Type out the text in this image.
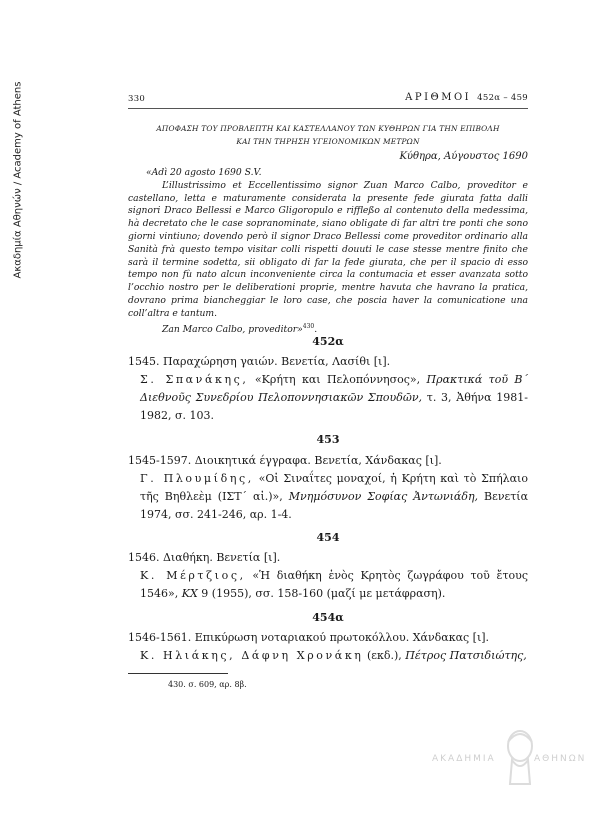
Ακαδημία Αθηνών / Academy of Athens	330	ΑΡΙΘΜΟΙ 452α – 459
ΑΠΟΦΑΣΗ ΤΟΥ ΠΡΟΒΛΕΠΤΗ ΚΑΙ ΚΑΣΤΕΛΛΑΝΟΥ ΤΩΝ ΚΥΘΗΡΩΝ ΓΙΑ ΤΗΝ ΕΠΙΒΟΛΗ
ΚΑΙ ΤΗΝ ΤΗΡΗΣΗ ΥΓΕΙΟΝΟΜΙΚΩΝ ΜΕΤΡΩΝ
Κύθηρα, Αύγουστος 1690

«Adì 20 agosto 1690 S.V.

L’illustrissimo et Eccellentissimo signor Zuan Marco Calbo, proveditor e castellano, letta e maturamente considerata la presente fede giurata fatta dalli signori Draco Bellessi e Marco Gligoropulo e riffleßo al contenuto della medessima, hà decretato che le case sopranominate, siano obligate di far altri tre ponti che sono giorni vintiuno; dovendo però il signor Draco Bellessi come proveditor ordinario alla Sanità frà questo tempo visitar colli rispetti douuti le case stesse mentre finito che sarà il termine sodetta, sii obligato di far la fede giurata, che per il spacio di esso tempo non fù nato alcun inconveniente circa la contumacia et esser avanzata sotto l’occhio nostro per le deliberationi proprie, mentre havuta che havrano la pratica, dovrano prima biancheggiar le loro case, che poscia haver la comunicatione una coll’altra e tantum.

Zan Marco Calbo, proveditor»$^{430}$.

452α
1545. Παραχώρηση γαιών. Βενετία, Λασίθι [ι].

Σ. Σπανάκης, «Κρήτη και Πελοπόννησος», Πρακτικά τοῦ Β΄ Διεθνοῦς Συνεδρίου Πελοποννησιακῶν Σπουδῶν, τ. 3, Ἀθήνα 1981-1982, σ. 103.

453
1545-1597. Διοικητικά έγγραφα. Βενετία, Χάνδακας [ι].

Γ. Πλουμίδης, «Οἱ Σιναΐτες μοναχοί, ἡ Κρήτη καὶ τὸ Σπήλαιο τῆς Βηθλεὲμ (ΙΣΤ΄ αἰ.)», Μνημόσυνον Σοφίας Ἀντωνιάδη, Βενετία 1974, σσ. 241-246, αρ. 1-4.

454
1546. Διαθήκη. Βενετία [ι].

Κ. Μέρτζιος, «Ἡ διαθήκη ἑνὸς Κρητὸς ζωγράφου τοῦ ἔτους 1546», ΚΧ 9 (1955), σσ. 158-160 (μαζί με μετάφραση).

454α
1546-1561. Επικύρωση νοταριακού πρωτοκόλλου. Χάνδακας [ι].

Κ. Ηλιάκης, Δάφνη Χρονάκη (εκδ.), Πέτρος Πατσιδιώτης,

430. σ. 609, αρ. 8β.
ΑΚΑΔΗΜΙΑ	ΑΘΗΝΩΝ
